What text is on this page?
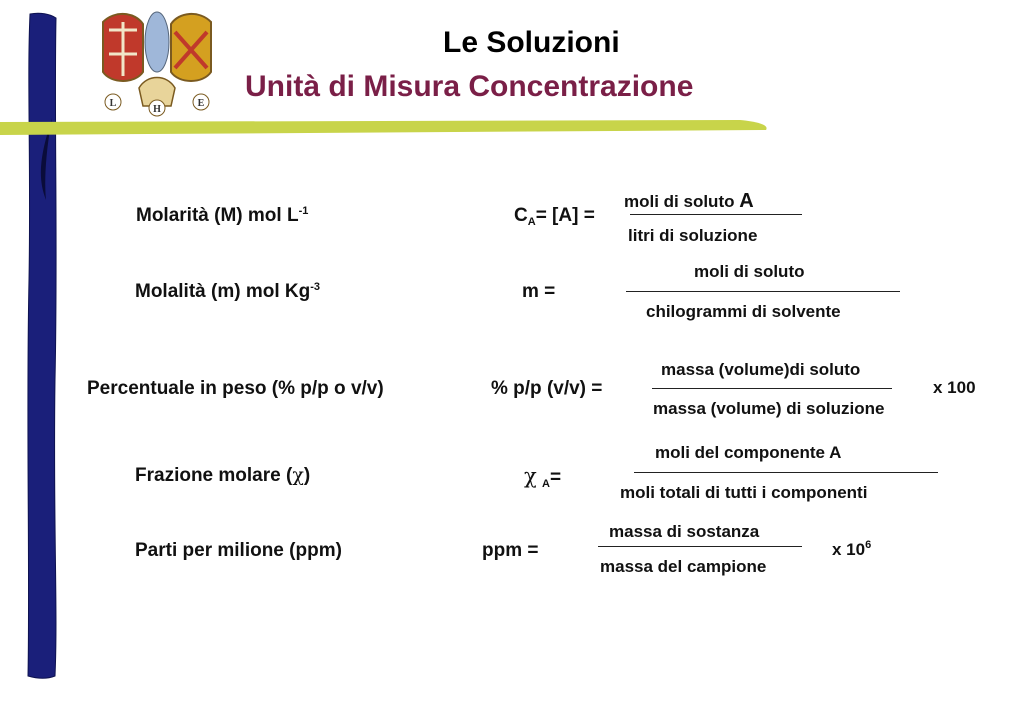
L
H
E
Le Soluzioni
Unità di Misura Concentrazione
Molarità (M) mol $L^{-1}$	$C_A= [A]$ =
moli di soluto A
litri di soluzione
Molalità (m) mol $Kg^{-3}$	m =
moli di soluto
chilogrammi di solvente
Percentuale in peso (% p/p o v/v)	% p/p (v/v) =
massa (volume)di soluto
massa (volume) di soluzione
x 100
Frazione molare (χ)	χ $_A$=
moli del componente A
moli totali di tutti i componenti
Parti per milione (ppm)	ppm =
massa di sostanza
massa del campione
x $10^6$
